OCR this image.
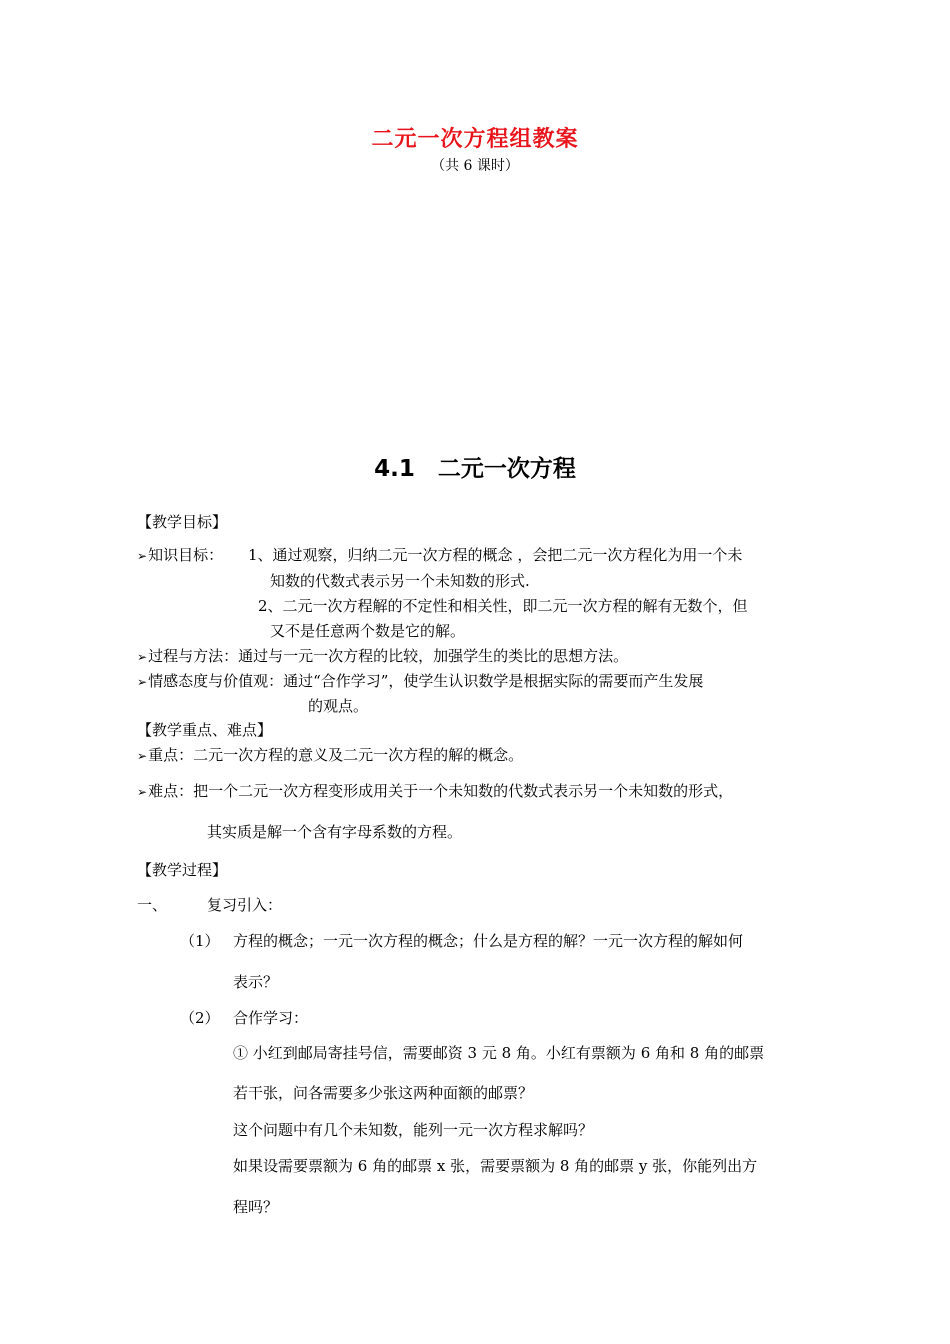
二元一次方程组教案
（共 6 课时）
4.1　二元一次方程
【教学目标】
➢知识目标： 1、通过观察，归纳二元一次方程的概念 ，会把二元一次方程化为用一个未
知数的代数式表示另一个未知数的形式.
2、二元一次方程解的不定性和相关性，即二元一次方程的解有无数个，但
又不是任意两个数是它的解。
➢过程与方法：通过与一元一次方程的比较，加强学生的类比的思想方法。
➢情感态度与价值观：通过“合作学习”，使学生认识数学是根据实际的需要而产生发展
的观点。
【教学重点、难点】
➢重点：二元一次方程的意义及二元一次方程的解的概念。
➢难点：把一个二元一次方程变形成用关于一个未知数的代数式表示另一个未知数的形式，
其实质是解一个含有字母系数的方程。
【教学过程】
一、	复习引入：
（1） 方程的概念；一元一次方程的概念；什么是方程的解？一元一次方程的解如何
表示？
（2） 合作学习：
① 小红到邮局寄挂号信，需要邮资 3 元 8 角。小红有票额为 6 角和 8 角的邮票
若干张，问各需要多少张这两种面额的邮票？
这个问题中有几个未知数，能列一元一次方程求解吗？
如果设需要票额为 6 角的邮票 x 张，需要票额为 8 角的邮票 y 张，你能列出方
程吗？
